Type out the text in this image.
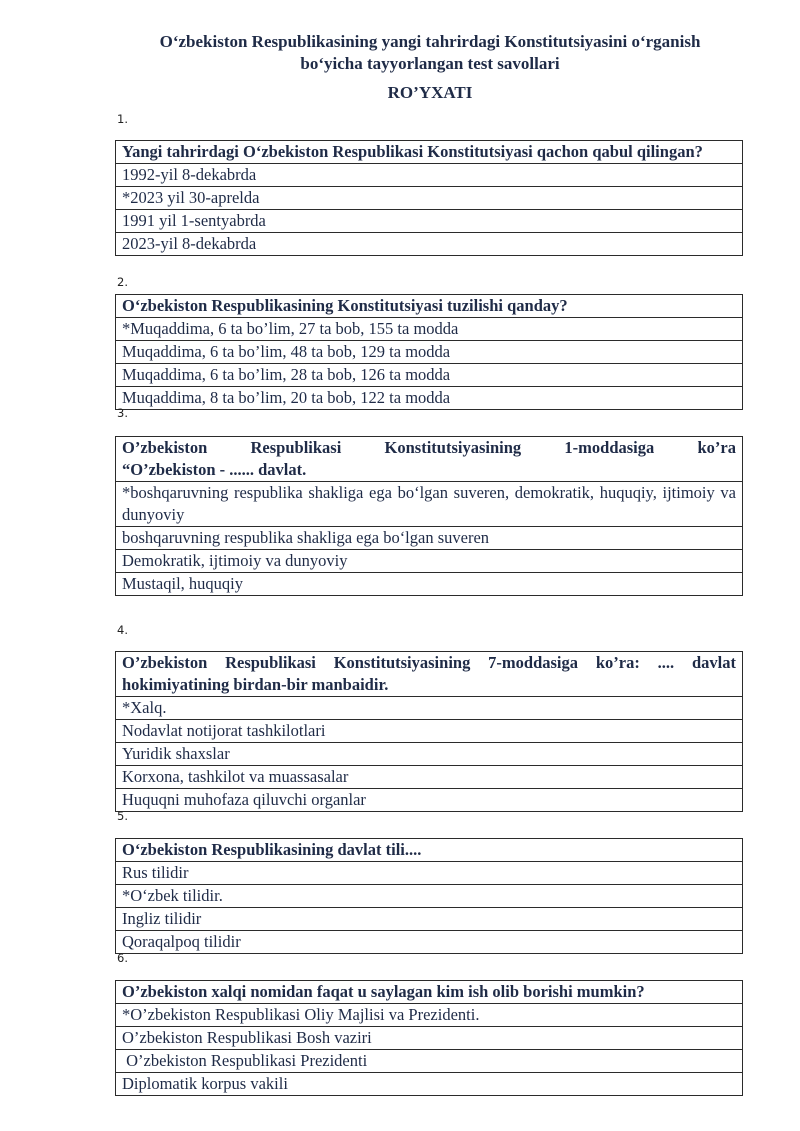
O‘zbekiston Respublikasining yangi tahrirdagi Konstitutsiyasini o‘rganish
bo‘yicha tayyorlangan test savollari
RO’YXATI
1.
Yangi tahrirdagi O‘zbekiston Respublikasi Konstitutsiyasi qachon qabul qilingan?
1992-yil 8-dekabrda
*2023 yil 30-aprelda
1991 yil 1-sentyabrda
2023-yil 8-dekabrda
2.
O‘zbekiston Respublikasining Konstitutsiyasi tuzilishi qanday?
*Muqaddima, 6 ta bo’lim, 27 ta bob, 155 ta modda
Muqaddima, 6 ta bo’lim, 48 ta bob, 129 ta modda
Muqaddima, 6 ta bo’lim, 28 ta bob, 126 ta modda
Muqaddima, 8 ta bo’lim, 20 ta bob, 122 ta modda
3.
O’zbekiston Respublikasi Konstitutsiyasining 1-moddasiga ko’ra
“O’zbekiston - ...... davlat.

*boshqaruvning respublika shakliga ega bo‘lgan suveren, demokratik, huquqiy, ijtimoiy va dunyoviy
boshqaruvning respublika shakliga ega bo‘lgan suveren
Demokratik, ijtimoiy va dunyoviy
Mustaqil, huquqiy
4.
O’zbekiston Respublikasi Konstitutsiyasining 7-moddasiga ko’ra: .... davlat hokimiyatining birdan-bir manbaidir.
*Xalq.
Nodavlat notijorat tashkilotlari
Yuridik shaxslar
Korxona, tashkilot va muassasalar
Huquqni muhofaza qiluvchi organlar
5.
O‘zbekiston Respublikasining davlat tili....
Rus tilidir
*O‘zbek tilidir.
Ingliz tilidir
Qoraqalpoq tilidir
6.
O’zbekiston xalqi nomidan faqat u saylagan kim ish olib borishi mumkin?
*O’zbekiston Respublikasi Oliy Majlisi va Prezidenti.
O’zbekiston Respublikasi Bosh vaziri
O’zbekiston Respublikasi Prezidenti
Diplomatik korpus vakili
